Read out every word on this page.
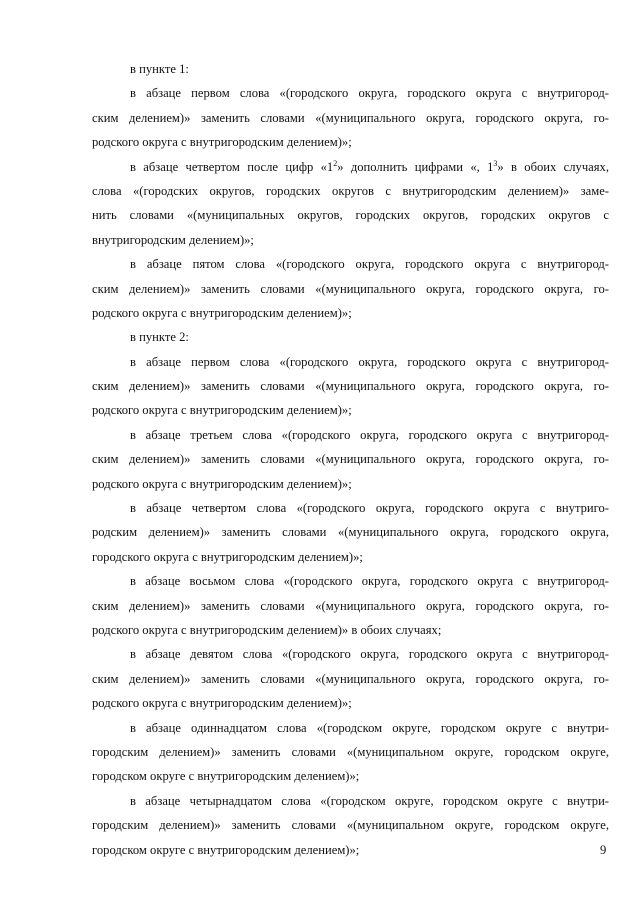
в пункте 1:
в абзаце первом слова «(городского округа, городского округа с внутригород-
ским делением)» заменить словами «(муниципального округа, городского округа, го-
родского округа с внутригородским делением)»;
в абзаце четвертом после цифр «$1^2$» дополнить цифрами «, $1^3$» в обоих случаях,
слова «(городских округов, городских округов с внутригородским делением)» заме-
нить словами «(муниципальных округов, городских округов, городских округов с
внутригородским делением)»;
в абзаце пятом слова «(городского округа, городского округа с внутригород-
ским делением)» заменить словами «(муниципального округа, городского округа, го-
родского округа с внутригородским делением)»;
в пункте 2:
в абзаце первом слова «(городского округа, городского округа с внутригород-
ским делением)» заменить словами «(муниципального округа, городского округа, го-
родского округа с внутригородским делением)»;
в абзаце третьем слова «(городского округа, городского округа с внутригород-
ским делением)» заменить словами «(муниципального округа, городского округа, го-
родского округа с внутригородским делением)»;
в абзаце четвертом слова «(городского округа, городского округа с внутриго-
родским делением)» заменить словами «(муниципального округа, городского округа,
городского округа с внутригородским делением)»;
в абзаце восьмом слова «(городского округа, городского округа с внутригород-
ским делением)» заменить словами «(муниципального округа, городского округа, го-
родского округа с внутригородским делением)» в обоих случаях;
в абзаце девятом слова «(городского округа, городского округа с внутригород-
ским делением)» заменить словами «(муниципального округа, городского округа, го-
родского округа с внутригородским делением)»;
в абзаце одиннадцатом слова «(городском округе, городском округе с внутри-
городским делением)» заменить словами «(муниципальном округе, городском округе,
городском округе с внутригородским делением)»;
в абзаце четырнадцатом слова «(городском округе, городском округе с внутри-
городским делением)» заменить словами «(муниципальном округе, городском округе,
городском округе с внутригородским делением)»;	9
